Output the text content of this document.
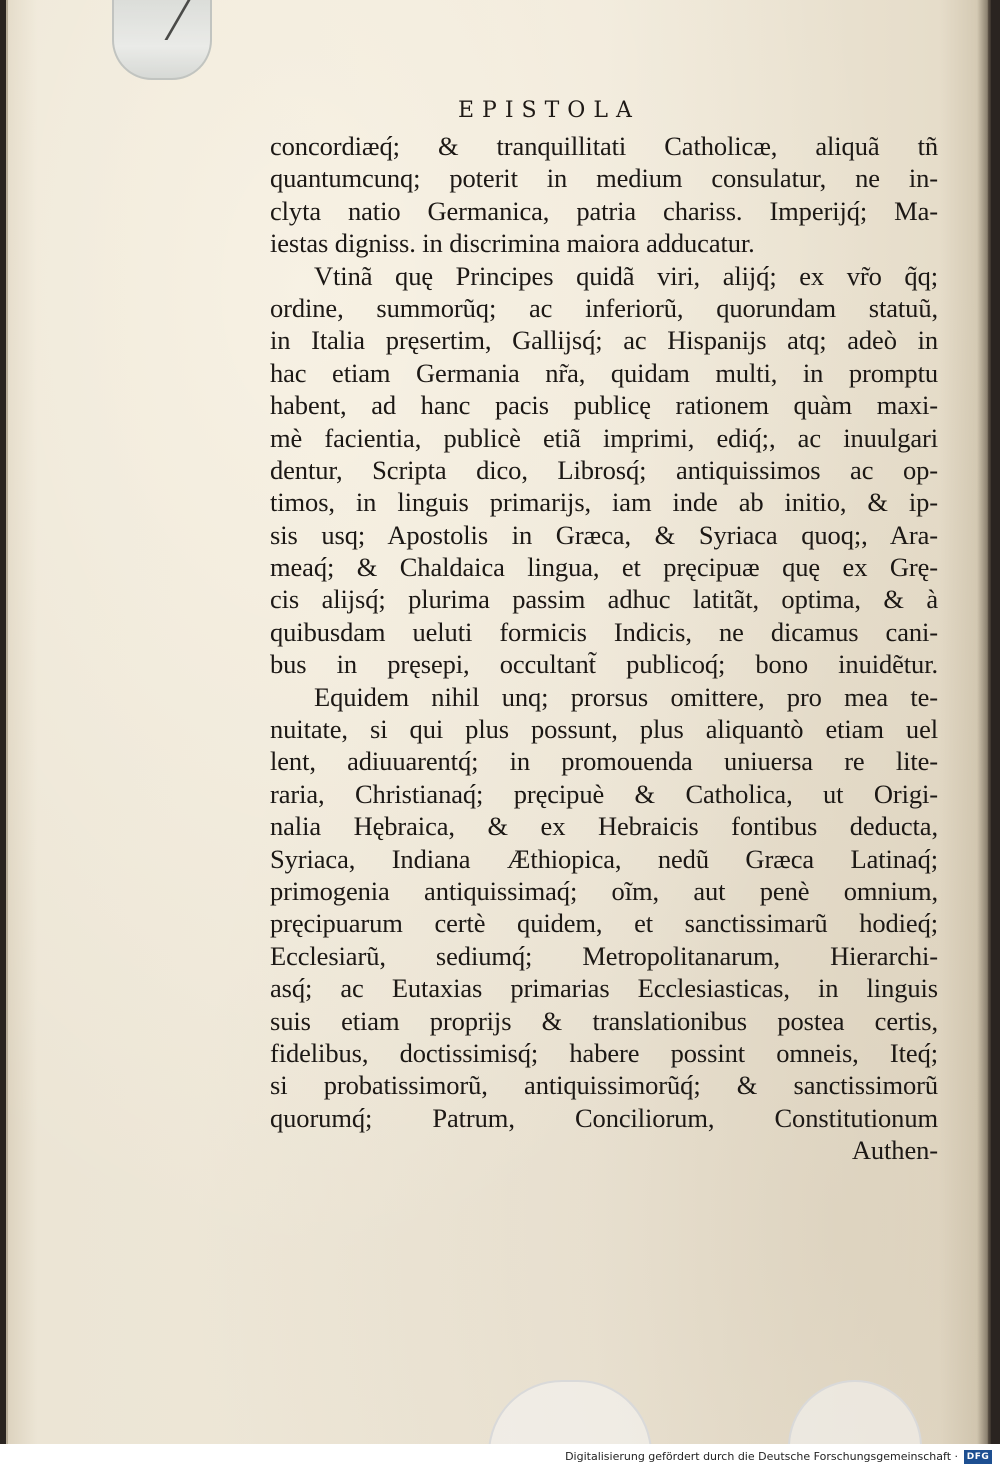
EPISTOLA
concordiæq́; & tranquillitati Catholicæ, aliquã tñ
quantumcunq; poterit in medium consulatur, ne in-
clyta natio Germanica, patria chariss. Imperijq́; Ma-
iestas digniss. in discrimina maiora adducatur.
Vtinã quę Principes quidã viri, alijq́; ex vr̃o q̃q;
ordine, summorũq; ac inferiorũ, quorundam statuũ,
in Italia pręsertim, Gallijsq́; ac Hispanijs atq; adeò in
hac etiam Germania nr̃a, quidam multi, in promptu
habent, ad hanc pacis publicę rationem quàm maxi-
mè facientia, publicè etiã imprimi, ediq́;, ac inuulgari
dentur, Scripta dico, Librosq́; antiquissimos ac op-
timos, in linguis primarijs, iam inde ab initio, & ip-
sis usq; Apostolis in Græca, & Syriaca quoq;, Ara-
meaq́; & Chaldaica lingua, et pręcipuæ quę ex Grę-
cis alijsq́; plurima passim adhuc latitãt, optima, & à
quibusdam ueluti formicis Indicis, ne dicamus cani-
bus in pręsepi, occultant̃ publicoq́; bono inuidẽtur.
Equidem nihil unq; prorsus omittere, pro mea te-
nuitate, si qui plus possunt, plus aliquantò etiam uel
lent, adiuuarentq́; in promouenda uniuersa re lite-
raria, Christianaq́; pręcipuè & Catholica, ut Origi-
nalia Hębraica, & ex Hebraicis fontibus deducta,
Syriaca, Indiana Æthiopica, nedũ Græca Latinaq́;
primogenia antiquissimaq́; oĩm, aut penè omnium,
pręcipuarum certè quidem, et sanctissimarũ hodieq́;
Ecclesiarũ, sediumq́; Metropolitanarum, Hierarchi-
asq́; ac Eutaxias primarias Ecclesiasticas, in linguis
suis etiam proprijs & translationibus postea certis,
fidelibus, doctissimisq́; habere possint omneis, Iteq́;
si probatissimorũ, antiquissimorũq́; & sanctissimorũ
quorumq́; Patrum, Conciliorum, Constitutionum
Authen-
Digitalisierung gefördert durch die Deutsche Forschungsgemeinschaft · DFG
